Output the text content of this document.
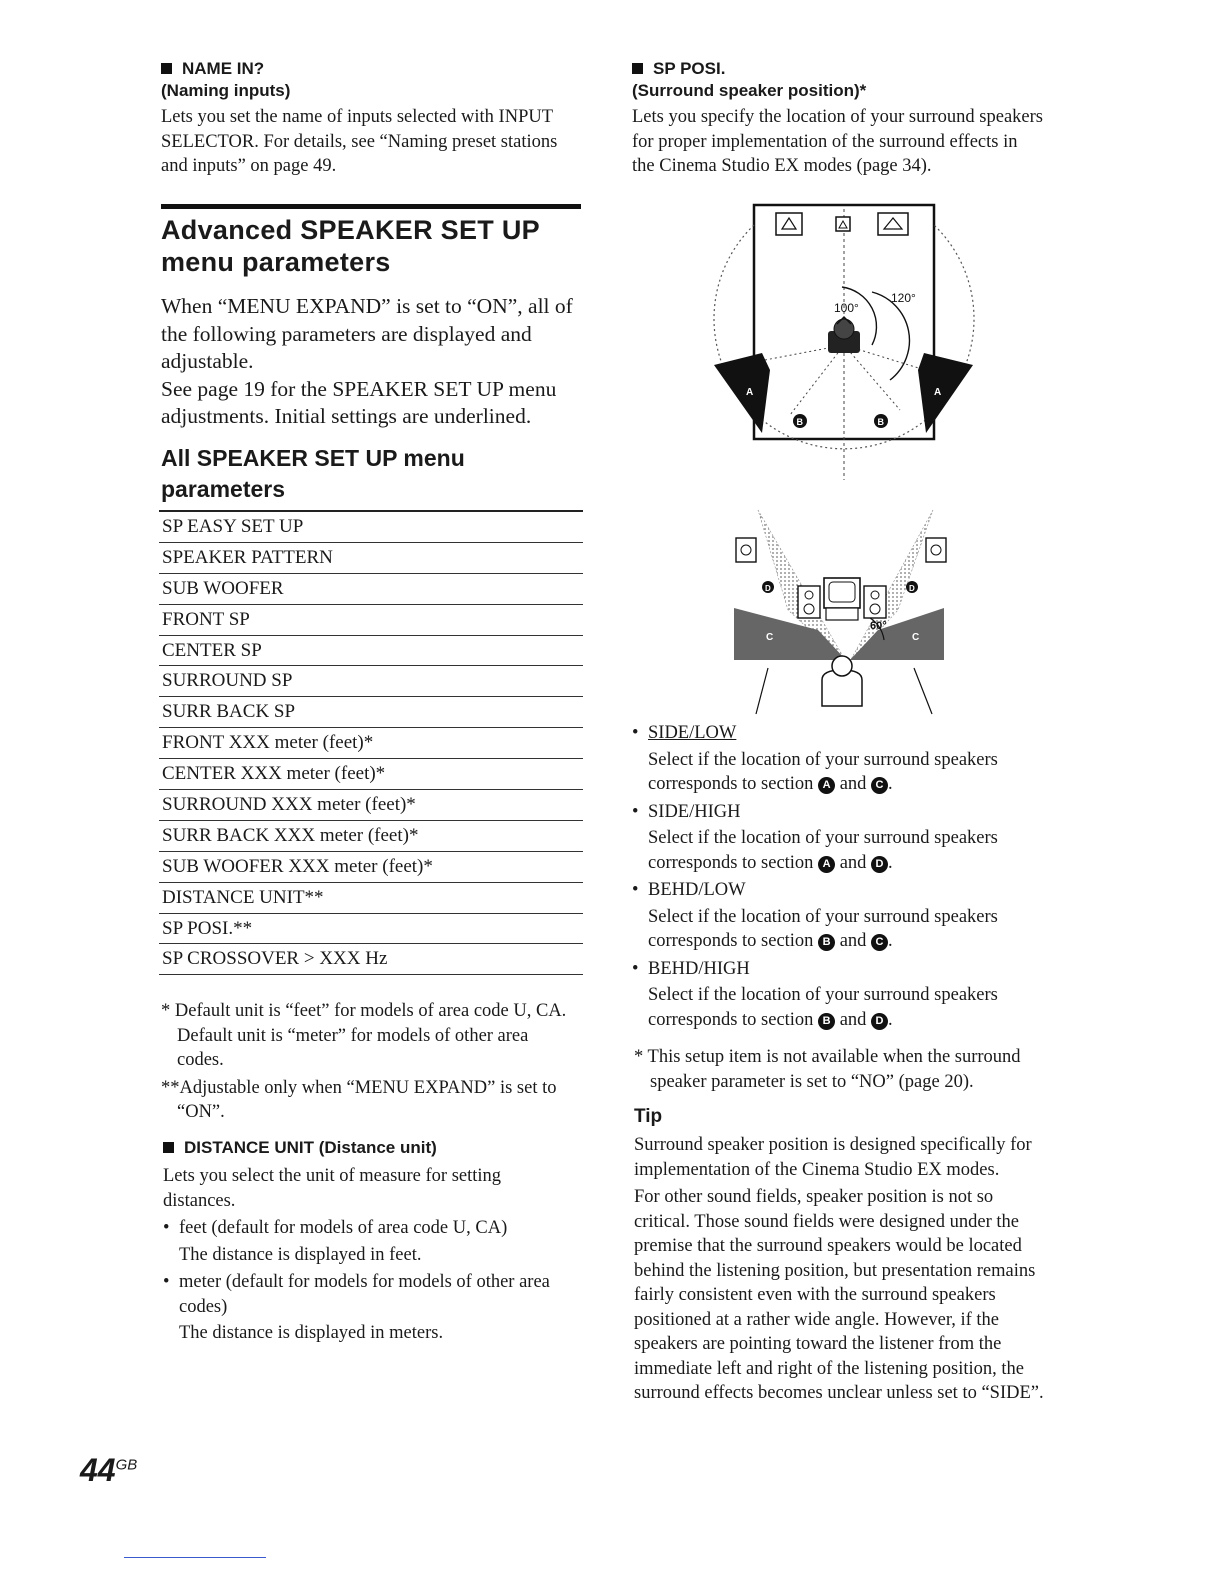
NAME IN?
(Naming inputs)
Lets you set the name of inputs selected with INPUT
SELECTOR. For details, see “Naming preset stations
and inputs” on page 49.
Advanced SPEAKER SET UP
menu parameters
When “MENU EXPAND” is set to “ON”, all of
the following parameters are displayed and
adjustable.
See page 19 for the SPEAKER SET UP menu
adjustments. Initial settings are underlined.
All SPEAKER SET UP menu
parameters
SP EASY SET UP
SPEAKER PATTERN
SUB WOOFER
FRONT SP
CENTER SP
SURROUND SP
SURR BACK SP
FRONT XXX meter (feet)*
CENTER XXX meter (feet)*
SURROUND XXX meter (feet)*
SURR BACK XXX meter (feet)*
SUB WOOFER XXX meter (feet)*
DISTANCE UNIT**
SP POSI.**
SP CROSSOVER > XXX Hz
* Default unit is “feet” for models of area code U, CA.
Default unit is “meter” for models of other area
codes.
**Adjustable only when “MENU EXPAND” is set to
“ON”.
DISTANCE UNIT (Distance unit)
Lets you select the unit of measure for setting
distances.
• feet (default for models of area code U, CA)
The distance is displayed in feet.
• meter (default for models for models of other area
codes)
The distance is displayed in meters.
$44^{GB}$
SP POSI.
(Surround speaker position)*
Lets you specify the location of your surround speakers
for proper implementation of the surround effects in
the Cinema Studio EX modes (page 34).
100°
120°
A	A
B	B
C	C
D	D
60°
• SIDE/LOW
Select if the location of your surround speakers
corresponds to section A and C .
• SIDE/HIGH
Select if the location of your surround speakers
corresponds to section A and D .
• BEHD/LOW
Select if the location of your surround speakers
corresponds to section B and C .
• BEHD/HIGH
Select if the location of your surround speakers
corresponds to section B and D .
* This setup item is not available when the surround
speaker parameter is set to “NO” (page 20).
Tip
Surround speaker position is designed specifically for
implementation of the Cinema Studio EX modes.
For other sound fields, speaker position is not so
critical. Those sound fields were designed under the
premise that the surround speakers would be located
behind the listening position, but presentation remains
fairly consistent even with the surround speakers
positioned at a rather wide angle. However, if the
speakers are pointing toward the listener from the
immediate left and right of the listening position, the
surround effects becomes unclear unless set to “SIDE”.
